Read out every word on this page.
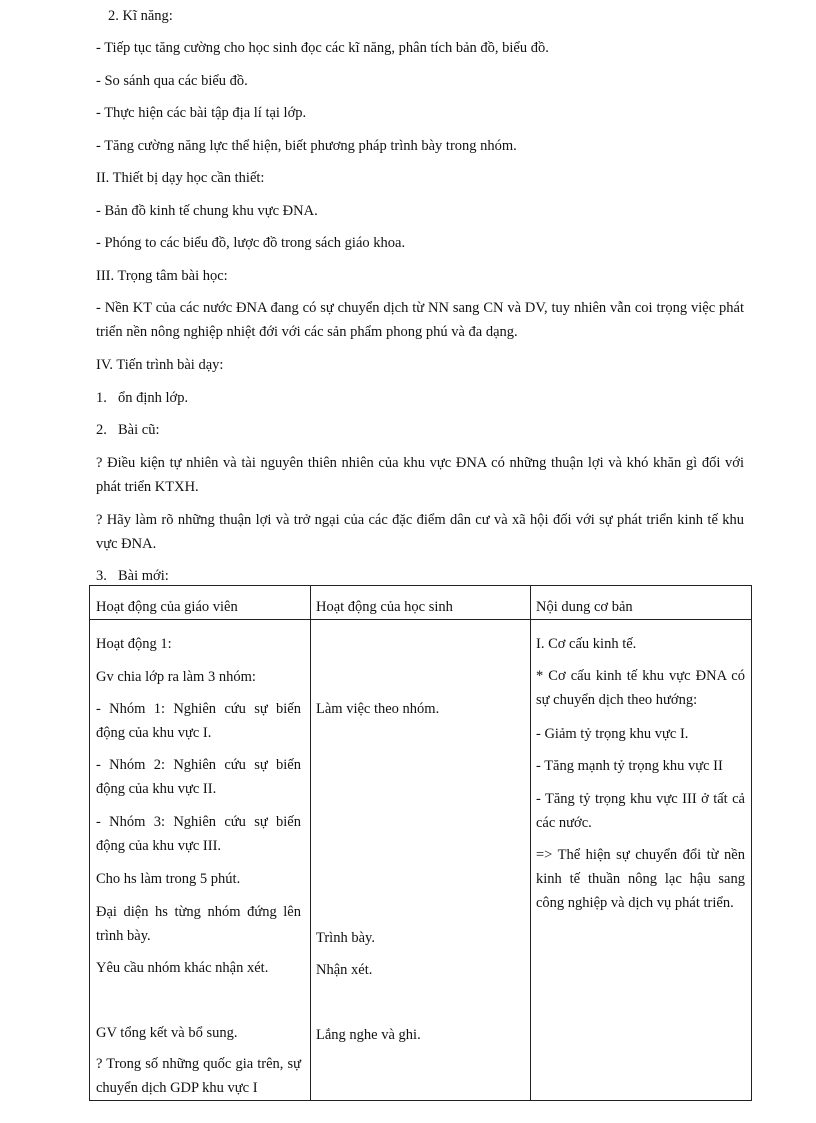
2. Kĩ năng:
- Tiếp tục tăng cường cho học sinh đọc các kĩ năng, phân tích bản đồ, biểu đồ.
- So sánh qua các biểu đồ.
- Thực hiện các bài tập địa lí tại lớp.
- Tăng cường năng lực thể hiện, biết phương pháp trình bày trong nhóm.
II. Thiết bị dạy học cần thiết:
- Bản đồ kinh tế chung khu vực ĐNA.
- Phóng to các biểu đồ, lược đồ trong sách giáo khoa.
III. Trọng tâm bài học:
- Nền KT của các nước ĐNA đang có sự chuyển dịch từ NN sang CN và DV, tuy nhiên vẫn coi trọng việc phát triển nền nông nghiệp nhiệt đới với các sản phẩm phong phú và đa dạng.
IV. Tiến trình bài dạy:
1. ổn định lớp.
2. Bài cũ:
? Điều kiện tự nhiên và tài nguyên thiên nhiên của khu vực ĐNA có những thuận lợi và khó khăn gì đối với phát triển KTXH.
? Hãy làm rõ những thuận lợi và trở ngại của các đặc điểm dân cư và xã hội đối với sự phát triển kinh tế khu vực ĐNA.
3. Bài mới:
Hoạt động của giáo viên	Hoạt động của học sinh	Nội dung cơ bản
Hoạt động 1:
Gv chia lớp ra làm 3 nhóm:
- Nhóm 1: Nghiên cứu sự biến động của khu vực I.
- Nhóm 2: Nghiên cứu sự biến động của khu vực II.
- Nhóm 3: Nghiên cứu sự biến động của khu vực III.
Cho hs làm trong 5 phút.
Đại diện hs từng nhóm đứng lên trình bày.
Yêu cầu nhóm khác nhận xét.
GV tổng kết và bổ sung.
? Trong số những quốc gia trên, sự chuyển dịch GDP khu vực I
Làm việc theo nhóm.
Trình bày.
Nhận xét.
Lắng nghe và ghi.
I. Cơ cấu kinh tế.
* Cơ cấu kinh tế khu vực ĐNA có sự chuyển dịch theo hướng:
- Giảm tỷ trọng khu vực I.
- Tăng mạnh tỷ trọng khu vực II
- Tăng tỷ trọng khu vực III ở tất cả các nước.
=> Thể hiện sự chuyển đổi từ nền kinh tế thuần nông lạc hậu sang công nghiệp và dịch vụ phát triển.
